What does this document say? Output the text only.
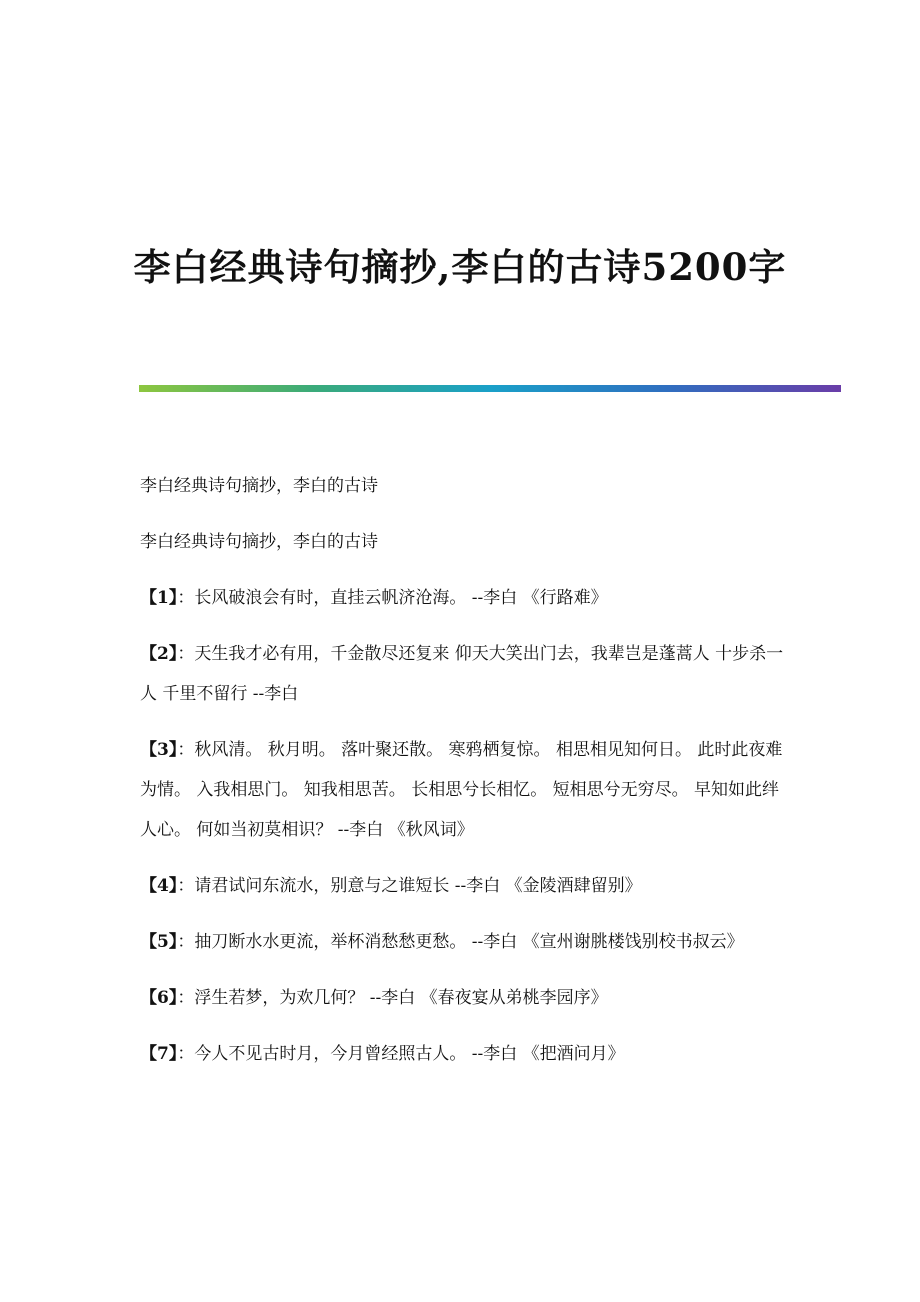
李白经典诗句摘抄,李白的古诗5200字

李白经典诗句摘抄，李白的古诗

李白经典诗句摘抄，李白的古诗

【1】：长风破浪会有时，直挂云帆济沧海。 --李白 《行路难》

【2】：天生我才必有用，千金散尽还复来 仰天大笑出门去，我辈岂是蓬蒿人 十步杀一人 千里不留行 --李白

【3】：秋风清。 秋月明。 落叶聚还散。 寒鸦栖复惊。 相思相见知何日。 此时此夜难为情。 入我相思门。 知我相思苦。 长相思兮长相忆。 短相思兮无穷尽。 早知如此绊人心。 何如当初莫相识？ --李白 《秋风词》

【4】：请君试问东流水，别意与之谁短长 --李白 《金陵酒肆留别》

【5】：抽刀断水水更流，举杯消愁愁更愁。 --李白 《宣州谢朓楼饯别校书叔云》

【6】：浮生若梦，为欢几何？ --李白 《春夜宴从弟桃李园序》

【7】：今人不见古时月，今月曾经照古人。 --李白 《把酒问月》
